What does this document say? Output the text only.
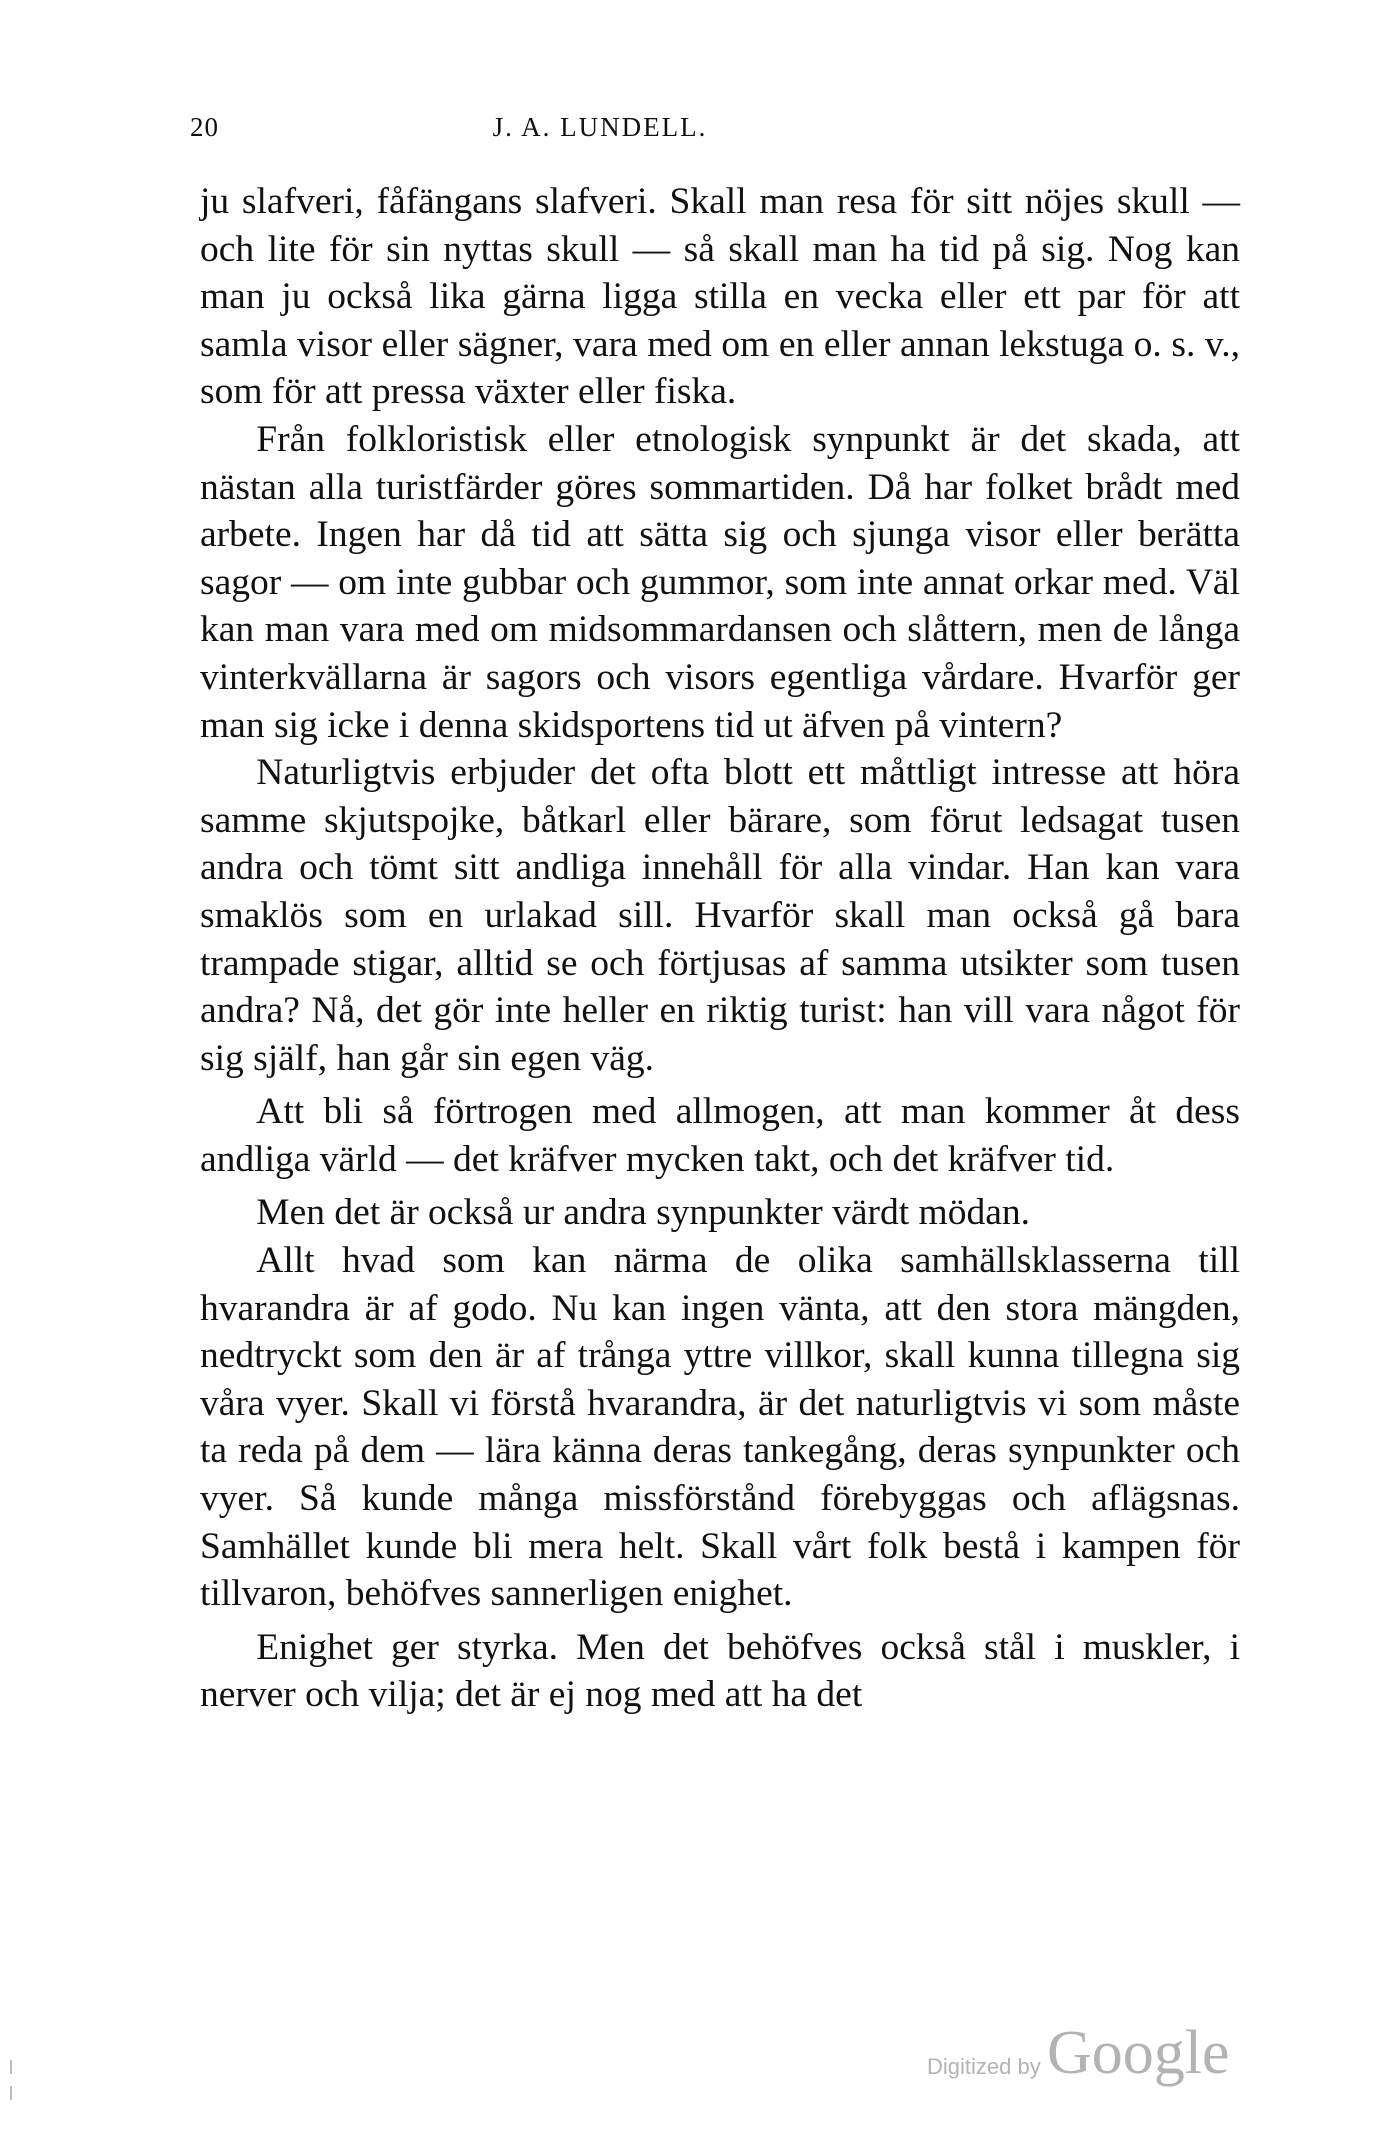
20	J. A. LUNDELL.

ju slafveri, fåfängans slafveri. Skall man resa för sitt nöjes skull — och lite för sin nyttas skull — så skall man ha tid på sig. Nog kan man ju också lika gärna ligga stilla en vecka eller ett par för att samla visor eller sägner, vara med om en eller annan lekstuga o. s. v., som för att pressa växter eller fiska.

Från folkloristisk eller etnologisk synpunkt är det skada, att nästan alla turistfärder göres sommartiden. Då har folket brådt med arbete. Ingen har då tid att sätta sig och sjunga visor eller berätta sagor — om inte gubbar och gummor, som inte annat orkar med. Väl kan man vara med om midsommardansen och slåttern, men de långa vinterkvällarna är sagors och visors egentliga vårdare. Hvarför ger man sig icke i denna skidsportens tid ut äfven på vintern?

Naturligtvis erbjuder det ofta blott ett måttligt intresse att höra samme skjutspojke, båtkarl eller bärare, som förut ledsagat tusen andra och tömt sitt andliga innehåll för alla vindar. Han kan vara smaklös som en urlakad sill. Hvarför skall man också gå bara trampade stigar, alltid se och förtjusas af samma utsikter som tusen andra? Nå, det gör inte heller en riktig turist: han vill vara något för sig själf, han går sin egen väg.

Att bli så förtrogen med allmogen, att man kommer åt dess andliga värld — det kräfver mycken takt, och det kräfver tid.

Men det är också ur andra synpunkter värdt mödan.

Allt hvad som kan närma de olika samhällsklasserna till hvarandra är af godo. Nu kan ingen vänta, att den stora mängden, nedtryckt som den är af trånga yttre villkor, skall kunna tillegna sig våra vyer. Skall vi förstå hvarandra, är det naturligtvis vi som måste ta reda på dem — lära känna deras tankegång, deras synpunkter och vyer. Så kunde många missförstånd förebyggas och aflägsnas. Samhället kunde bli mera helt. Skall vårt folk bestå i kampen för tillvaron, behöfves sannerligen enighet.

Enighet ger styrka. Men det behöfves också stål i muskler, i nerver och vilja; det är ej nog med att ha det

Digitized by Google
